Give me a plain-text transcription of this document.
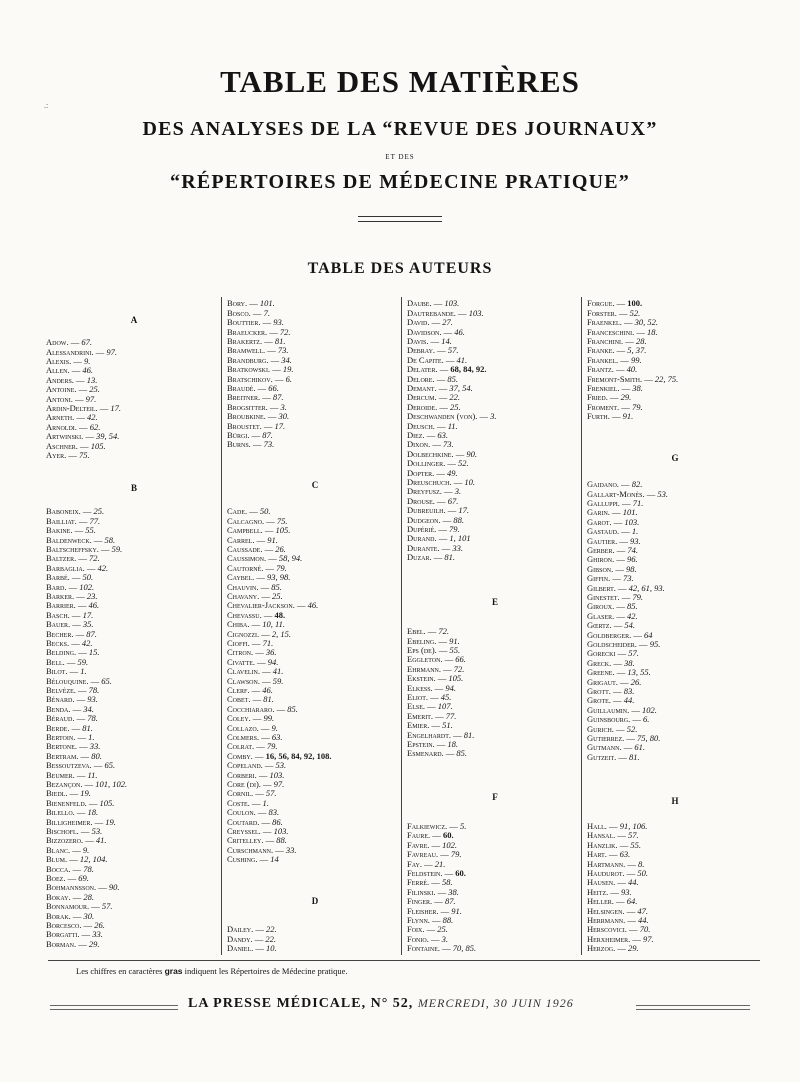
.:
TABLE DES MATIÈRES
DES ANALYSES DE LA “REVUE DES JOURNAUX”
ET DES
“RÉPERTOIRES DE MÉDECINE PRATIQUE”
TABLE DES AUTEURS
A
Adow. — 67.
Alessandrini. — 97.
Alexis. — 9.
Allen. — 46.
Anders. — 13.
Antoine. — 25.
Antoni. — 97.
Ardin-Delteil. — 17.
Arneth. — 42.
Arnoldi. — 62.
Artwinski. — 39, 54.
Aschner. — 105.
Ayer. — 75.
B
Baboneix. — 25.
Bailliat. — 77.
Bakine. — 55.
Baldenweck. — 58.
Baltscheffsky. — 59.
Baltzer. — 72.
Barbaglia. — 42.
Barbé. — 50.
Bard. — 102.
Barker. — 23.
Barrier. — 46.
Basch. — 17.
Bauer. — 35.
Becher. — 87.
Becks. — 42.
Belding. — 15.
Bell. — 59.
Bilot. — 1.
Bélouquine. — 65.
Belvèze. — 78.
Bénard. — 93.
Benda. — 34.
Béraud. — 78.
Berde. — 81.
Bertoin. — 1.
Bertone. — 33.
Bertram. — 80.
Bessoutzeva. — 65.
Beumer. — 11.
Bezançon. — 101, 102.
Biedl. — 19.
Bienenfeld. — 105.
Bilello. — 18.
Billigheimer. — 19.
Bischofl. — 53.
Bizzozero. — 41.
Blanc. — 9.
Blum. — 12, 104.
Bocca. — 78.
Boez. — 69.
Bohmannsson. — 90.
Bokay. — 28.
Bonnamour. — 57.
Borak. — 30.
Borcesco. — 26.
Borgatti. — 33.
Borman. — 29.
Bory. — 101.
Bosco. — 7.
Bouttier. — 93.
Braeucker. — 72.
Brakertz. — 81.
Bramwell. — 73.
Brandburg. — 34.
Bratkowski. — 19.
Bratschikov. — 6.
Braudé. — 66.
Breitner. — 87.
Brogsitter. — 3.
Broubkine. — 30.
Broustet. — 17.
Bürgi. — 87.
Burns. — 73.
C
Cade. — 50.
Calcagno. — 75.
Campbell. — 105.
Carrel. — 91.
Caussade. — 26.
Caussimon. — 58, 94.
Cautorné. — 79.
Caybel. — 93, 98.
Chauvin. — 85.
Chavany. — 25.
Chevalier-Jackson. — 46.
Chevassu. — 48.
Chiba. — 10, 11.
Cignozzi. — 2, 15.
Cioffi. — 71.
Citron. — 36.
Civatte. — 94.
Clavelin. — 41.
Clawson. — 59.
Clerf. — 46.
Cobet. — 81.
Cocchiararo. — 85.
Coley. — 99.
Collazo. — 9.
Colmers. — 63.
Colrat. — 79.
Comby. — 16, 56, 84, 92, 108.
Copeland. — 53.
Corberi. — 103.
Core (di). — 97.
Cornil. — 57.
Coste. — 1.
Coulon. — 83.
Coutard. — 86.
Creyssel. — 103.
Critelley. — 88.
Curschmann. — 33.
Cushing. — 14
D
Dailey. — 22.
Dandy. — 22.
Daniel. — 10.
Daube. — 103.
Dautrebande. — 103.
David. — 27.
Davidson. — 46.
Davis. — 14.
Debray. — 57.
De Capite. — 41.
Delater. — 68, 84, 92.
Delore. — 85.
Demant. — 37, 54.
Dercum. — 22.
Deroide. — 25.
Deschwanden (von). — 3.
Deusch. — 11.
Diez. — 63.
Dixon. — 73.
Dolbechkine. — 90.
Dollinger. — 52.
Dopter. — 49.
Dreuschuch. — 10.
Dreyfusz. — 3.
Drouse. — 67.
Dubreuilh. — 17.
Dudgeon. — 88.
Dupérié. — 79.
Durand. — 1, 101
Durante. — 33.
Duzar. — 81.
E
Ebel. — 72.
Ebeling. — 91.
Eps (de). — 55.
Eggleton. — 66.
Ehrmann. — 72.
Ekstein. — 105.
Elkess. — 94.
Eliot. — 45.
Else. — 107.
Emerit. — 77.
Emier. — 51.
Engelhardt. — 81.
Epstein. — 18.
Esmenard. — 85.
F
Falkiewicz. — 5.
Faure. — 60.
Favre. — 102.
Favreau. — 79.
Fay. — 21.
Feldstein. — 60.
Ferré. — 58.
Filinski. — 38.
Finger. — 87.
Fleisher. — 91.
Flynn. — 88.
Foix. — 25.
Fonio. — 3.
Fontaine. — 70, 85.
Forgue. — 100.
Forster. — 52.
Fraenkel. — 30, 52.
Franceschini. — 18.
Franchini. — 28.
Franke. — 5, 37.
Frankel. — 99.
Frantz. — 40.
Fremont-Smith. — 22, 75.
Frenkiel. — 38.
Fried. — 29.
Froment. — 79.
Furth. — 91.
G
Gaidano. — 82.
Gallart-Monès. — 53.
Galluppi. — 71.
Garin. — 101.
Garot. — 103.
Gastaud. — 1.
Gautier. — 93.
Gerber. — 74.
Ghiron. — 96.
Gibson. — 98.
Giffin. — 73.
Gilbert. — 42, 61, 93.
Ginestet. — 79.
Giroux. — 85.
Glaser. — 42.
Gœrtz. — 54.
Goldberger. — 64
Goldscheider. — 95.
Gorecki — 57.
Greck. — 38.
Greene. — 13, 55.
Grigaut. — 26.
Grott. — 83.
Grote. — 44.
Guillaumin. — 102.
Guinsbourg. — 6.
Gurich. — 52.
Gutierrez. — 75, 80.
Gutmann. — 61.
Gutzeit. — 81.
H
Hall. — 91, 106.
Hansal. — 57.
Hanzlik. — 55.
Hart. — 63.
Hartmann. — 8.
Haudurot. — 50.
Hausen. — 44.
Heitz. — 93.
Heller. — 64.
Helsingen. — 47.
Herrmann. — 44.
Herscovici. — 70.
Herxheimer. — 97.
Herzog. — 29.
Les chiffres en caractères gras indiquent les Répertoires de Médecine pratique.
LA PRESSE MÉDICALE, N° 52, MERCREDI, 30 JUIN 1926
